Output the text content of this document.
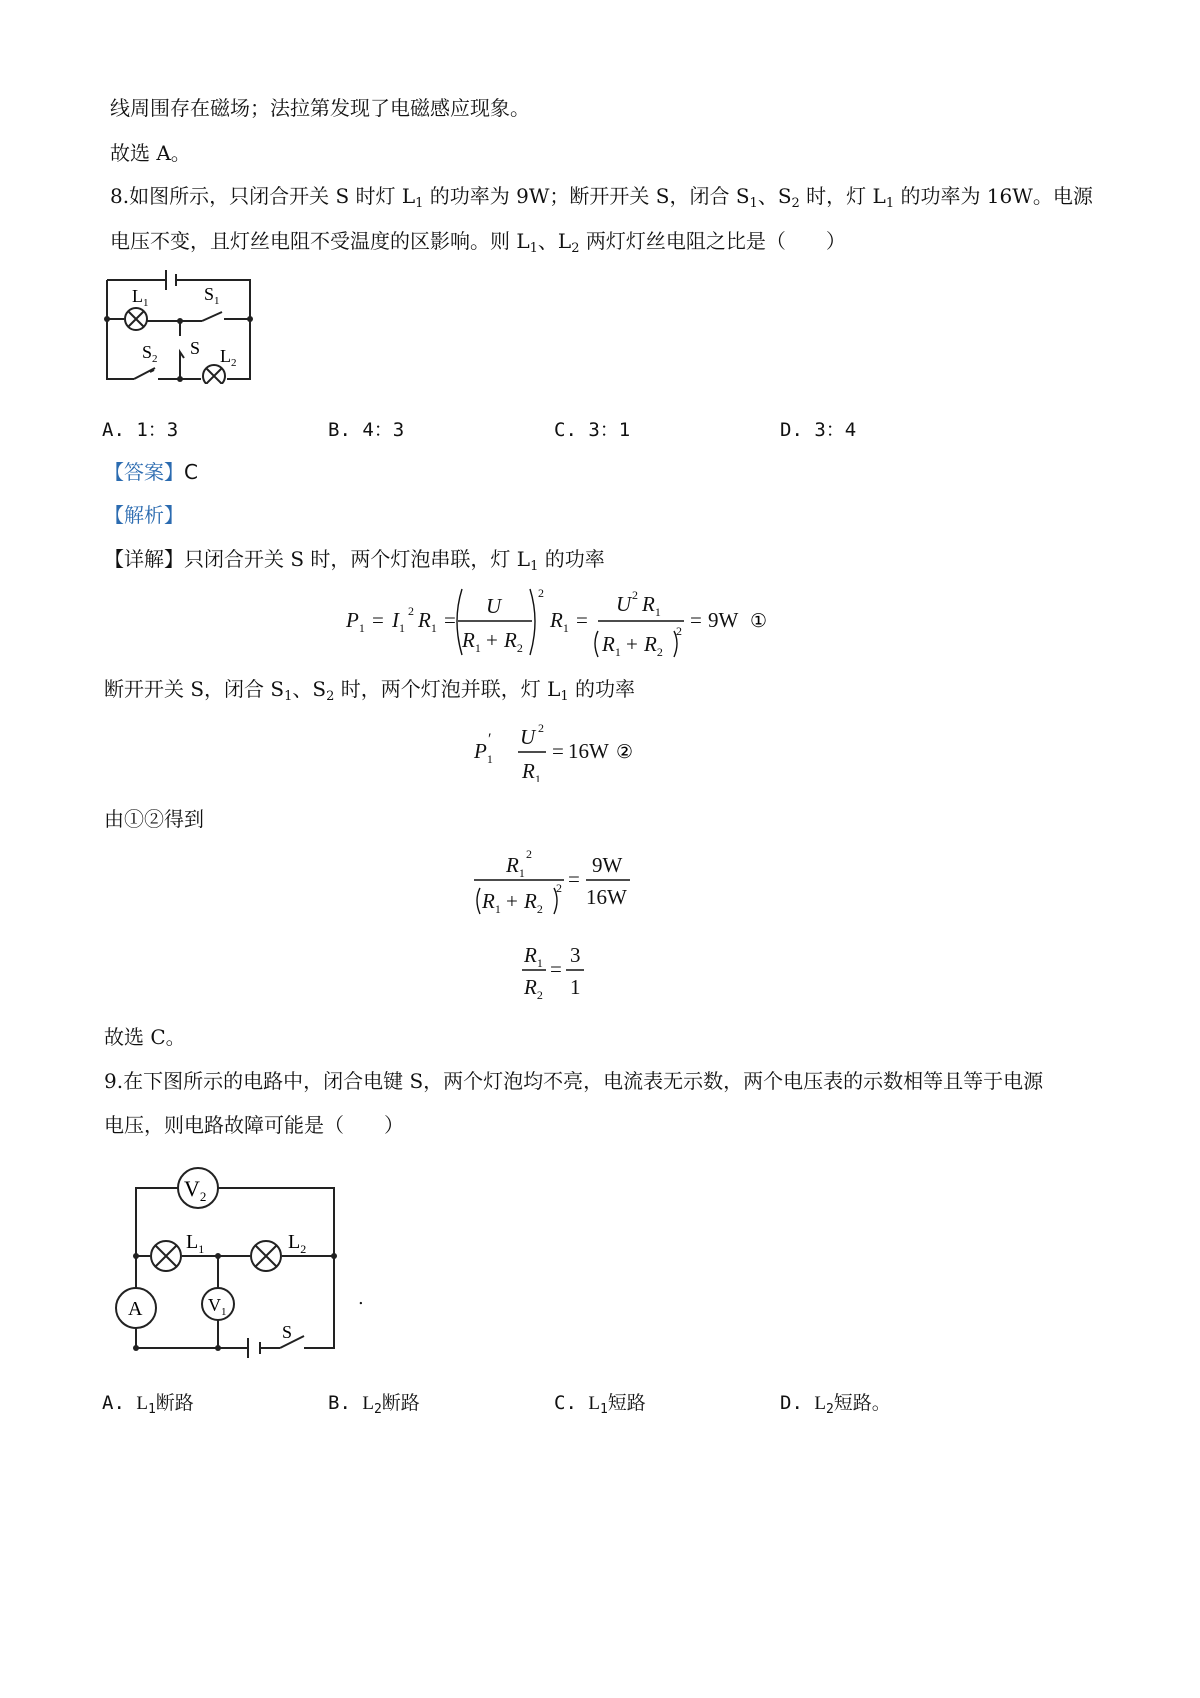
线周围存在磁场；法拉第发现了电磁感应现象。
故选 A。
8.如图所示，只闭合开关 S 时灯 $L_1$ 的功率为 9W；断开开关 S，闭合 $S_1$、$S_2$ 时，灯 $L_1$ 的功率为 16W。电源
电压不变，且灯丝电阻不受温度的区影响。则 $L_1$、$L_2$ 两灯灯丝电阻之比是（　　）
$L_1$	$S_1$
$S_2$
S $L_2$
A. 1：3	B. 4：3	C. 3：1	D. 3：4
【答案】C
【解析】
【详解】只闭合开关 S 时，两个灯泡串联，灯 $L_1$ 的功率
$P_1 = I_1$
2 $R_1$ =
U
$R_1 + R_2$
2
$R_1$ =
U 2 $R_1$
$R_1 + R_2$
2 = 9W ①
断开开关 S，闭合 $S_1$、$S_2$ 时，两个灯泡并联，灯 $L_1$ 的功率
$P_1$
′ U 2
$R_1$
= 16W ②
由①②得到
$R_1$
2
$R_1 + R_2$
2 =
9W
16W
$R_1$
$R_2$
=
3
1
故选 C。
9.在下图所示的电路中，闭合电键 S，两个灯泡均不亮，电流表无示数，两个电压表的示数相等且等于电源
电压，则电路故障可能是（　　）
$V_2$
$L_1$	$L_2$
A	$V_1$
S
.
A. $L_1$断路	B. $L_2$断路	C. $L_1$短路	D. $L_2$短路。
